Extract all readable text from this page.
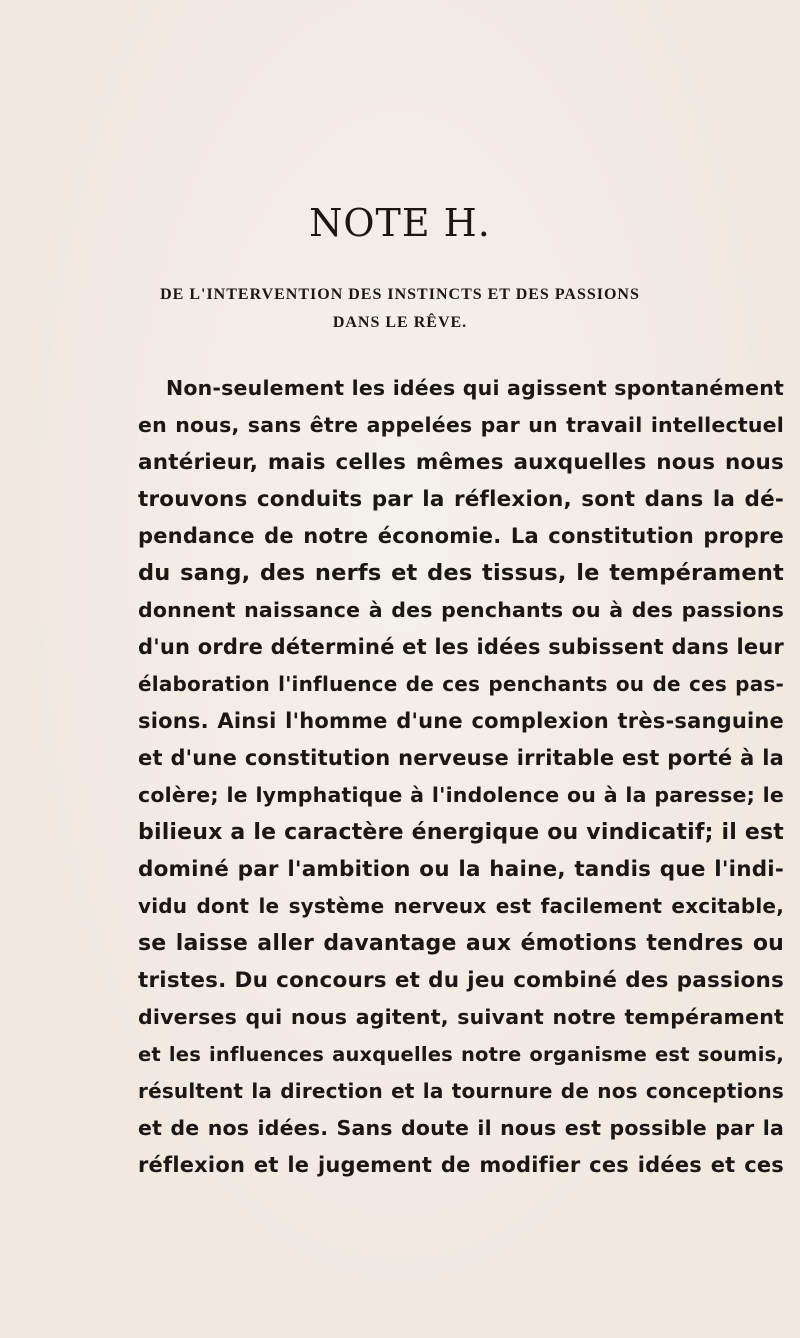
NOTE H.

DE L'INTERVENTION DES INSTINCTS ET DES PASSIONS

DANS LE RÊVE.

Non-seulement les idées qui agissent spontanément
en nous, sans être appelées par un travail intellectuel
antérieur, mais celles mêmes auxquelles nous nous
trouvons conduits par la réflexion, sont dans la dé-
pendance de notre économie. La constitution propre
du sang, des nerfs et des tissus, le tempérament
donnent naissance à des penchants ou à des passions
d'un ordre déterminé et les idées subissent dans leur
élaboration l'influence de ces penchants ou de ces pas-
sions. Ainsi l'homme d'une complexion très-sanguine
et d'une constitution nerveuse irritable est porté à la
colère; le lymphatique à l'indolence ou à la paresse; le
bilieux a le caractère énergique ou vindicatif; il est
dominé par l'ambition ou la haine, tandis que l'indi-
vidu dont le système nerveux est facilement excitable,
se laisse aller davantage aux émotions tendres ou
tristes. Du concours et du jeu combiné des passions
diverses qui nous agitent, suivant notre tempérament
et les influences auxquelles notre organisme est soumis,
résultent la direction et la tournure de nos conceptions
et de nos idées. Sans doute il nous est possible par la
réflexion et le jugement de modifier ces idées et ces
